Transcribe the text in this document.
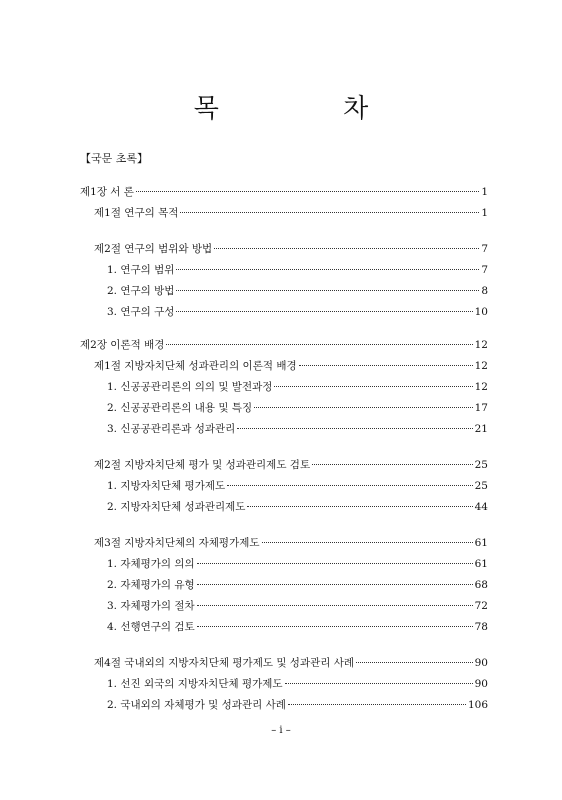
목 차
【국문 초록】
제1장 서 론	1
제1절 연구의 목적	1
제2절 연구의 범위와 방법	7
1. 연구의 범위	7
2. 연구의 방법	8
3. 연구의 구성	10
제2장 이론적 배경	12
제1절 지방자치단체 성과관리의 이론적 배경	12
1. 신공공관리론의 의의 및 발전과정	12
2. 신공공관리론의 내용 및 특징	17
3. 신공공관리론과 성과관리	21
제2절 지방자치단체 평가 및 성과관리제도 검토	25
1. 지방자치단체 평가제도	25
2. 지방자치단체 성과관리제도	44
제3절 지방자치단체의 자체평가제도	61
1. 자체평가의 의의	61
2. 자체평가의 유형	68
3. 자체평가의 절차	72
4. 선행연구의 검토	78
제4절 국내외의 지방자치단체 평가제도 및 성과관리 사례	90
1. 선진 외국의 지방자치단체 평가제도	90
2. 국내외의 자체평가 및 성과관리 사례	106
– i –
